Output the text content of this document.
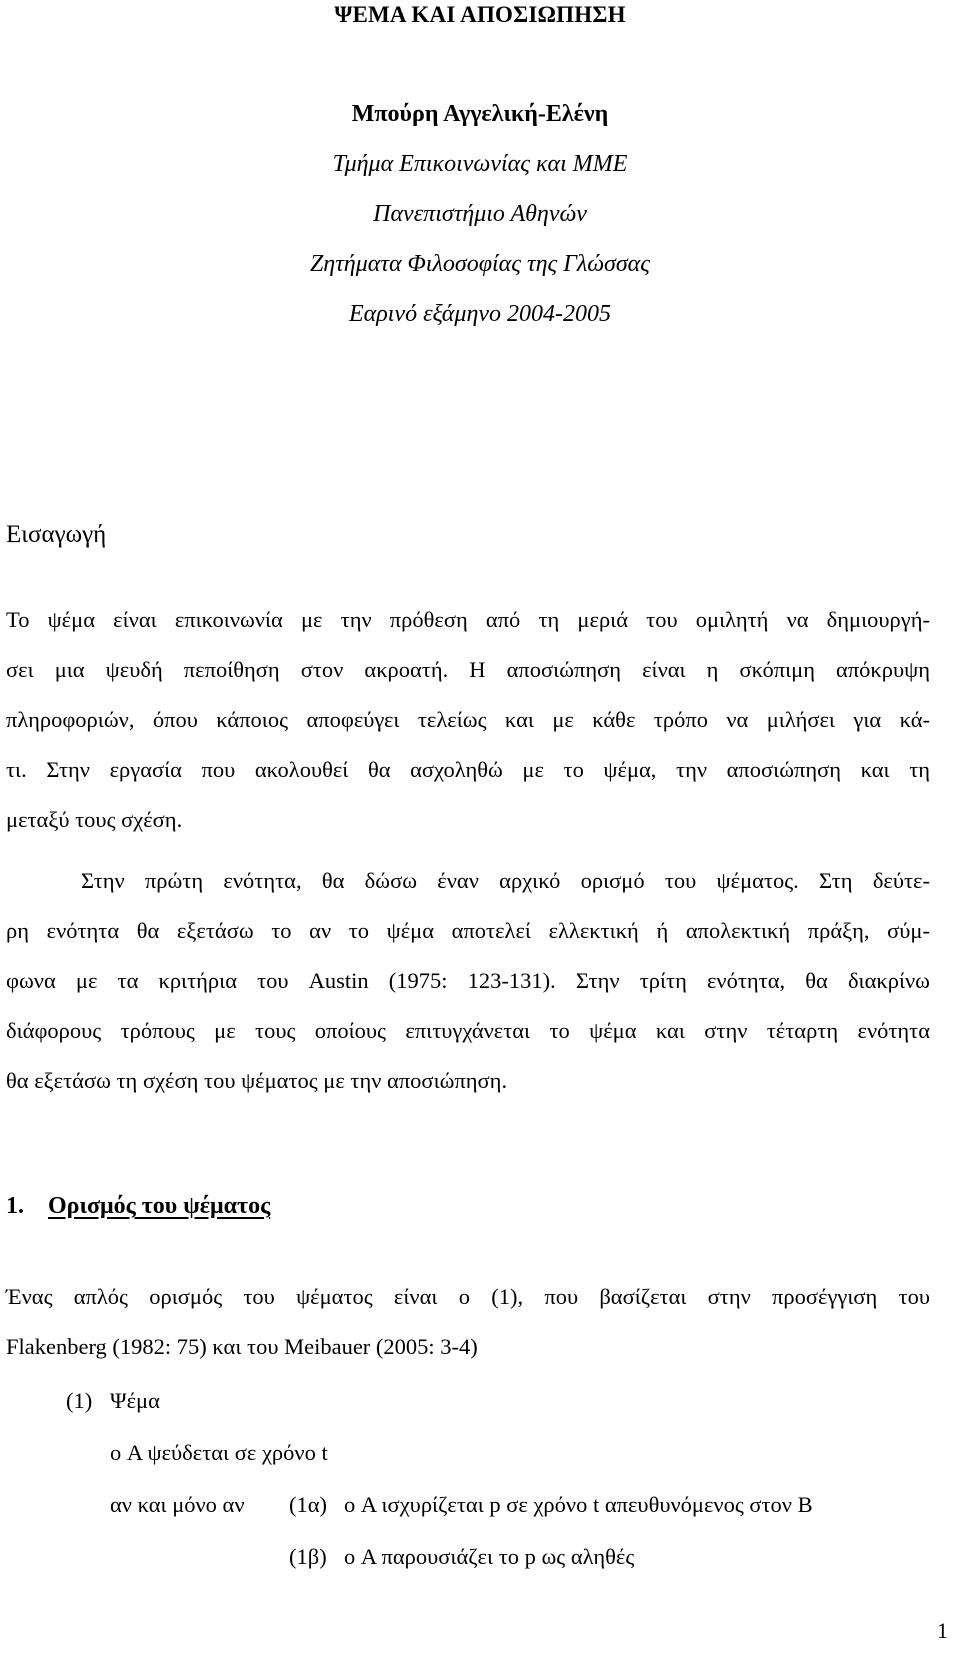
ΨΕΜΑ ΚΑΙ ΑΠΟΣΙΩΠΗΣΗ
Μπούρη Αγγελική-Ελένη
Τμήμα Επικοινωνίας και ΜΜΕ
Πανεπιστήμιο Αθηνών
Ζητήματα Φιλοσοφίας της Γλώσσας
Εαρινό εξάμηνο 2004-2005
Εισαγωγή
Το ψέμα είναι επικοινωνία με την πρόθεση από τη μεριά του ομιλητή να δημιουργή-
σει μια ψευδή πεποίθηση στον ακροατή. Η αποσιώπηση είναι η σκόπιμη απόκρυψη
πληροφοριών, όπου κάποιος αποφεύγει τελείως και με κάθε τρόπο να μιλήσει για κά-
τι. Στην εργασία που ακολουθεί θα ασχοληθώ με το ψέμα, την αποσιώπηση και τη
μεταξύ τους σχέση.
Στην πρώτη ενότητα, θα δώσω έναν αρχικό ορισμό του ψέματος. Στη δεύτε-
ρη ενότητα θα εξετάσω το αν το ψέμα αποτελεί ελλεκτική ή απολεκτική πράξη, σύμ-
φωνα με τα κριτήρια του Austin (1975: 123-131). Στην τρίτη ενότητα, θα διακρίνω
διάφορους τρόπους με τους οποίους επιτυγχάνεται το ψέμα και στην τέταρτη ενότητα
θα εξετάσω τη σχέση του ψέματος με την αποσιώπηση.
1. Ορισμός του ψέματος
Ένας απλός ορισμός του ψέματος είναι ο (1), που βασίζεται στην προσέγγιση του
Flakenberg (1982: 75) και του Meibauer (2005: 3-4)
(1) Ψέμα
ο A ψεύδεται σε χρόνο t
αν και μόνο αν (1α) ο A ισχυρίζεται p σε χρόνο t απευθυνόμενος στον B
(1β) ο A παρουσιάζει το p ως αληθές
1
